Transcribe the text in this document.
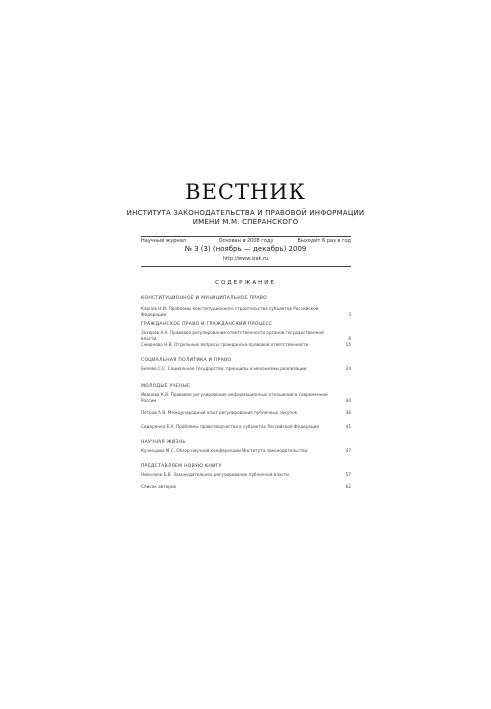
ВЕСТНИК
ИНСТИТУТА ЗАКОНОДАТЕЛЬСТВА И ПРАВОВОЙ ИНФОРМАЦИИ
ИМЕНИ М.М. СПЕРАНСКОГО
Научный журнал	Основан в 2008 году	Выходит 6 раз в год
№ 3 (3) (ноябрь — декабрь) 2009
http://www.izak.ru
СОДЕРЖАНИЕ
КОНСТИТУЦИОННОЕ И МУНИЦИПАЛЬНОЕ ПРАВО
Карпов Н.И. Проблемы конституционного строительства субъектов Российской Федерации	3
ГРАЖДАНСКОЕ ПРАВО И ГРАЖДАНСКИЙ ПРОЦЕСС
Захаров А.А. Правовое регулирование ответственности органов государственной власти	8
Смирнова Н.В. Отдельные вопросы гражданско-правовой ответственности	15
СОЦИАЛЬНАЯ ПОЛИТИКА И ПРАВО
Беляев С.С. Социальное государство: принципы и механизмы реализации	24
МОЛОДЫЕ УЧЕНЫЕ
Иванова К.В. Правовое регулирование информационных отношений в современной России	30
Петров А.В. Международный опыт регулирования публичных закупок	36
Сидоренко Е.А. Проблемы правотворчества в субъектах Российской Федерации	41
НАУЧНАЯ ЖИЗНЬ
Кузнецова М.С. Обзор научной конференции Института законодательства	47
ПРЕДСТАВЛЯЕМ НОВУЮ КНИГУ
Николаев Б.В. Законодательное регулирование публичной власти	57
Список авторов	62
